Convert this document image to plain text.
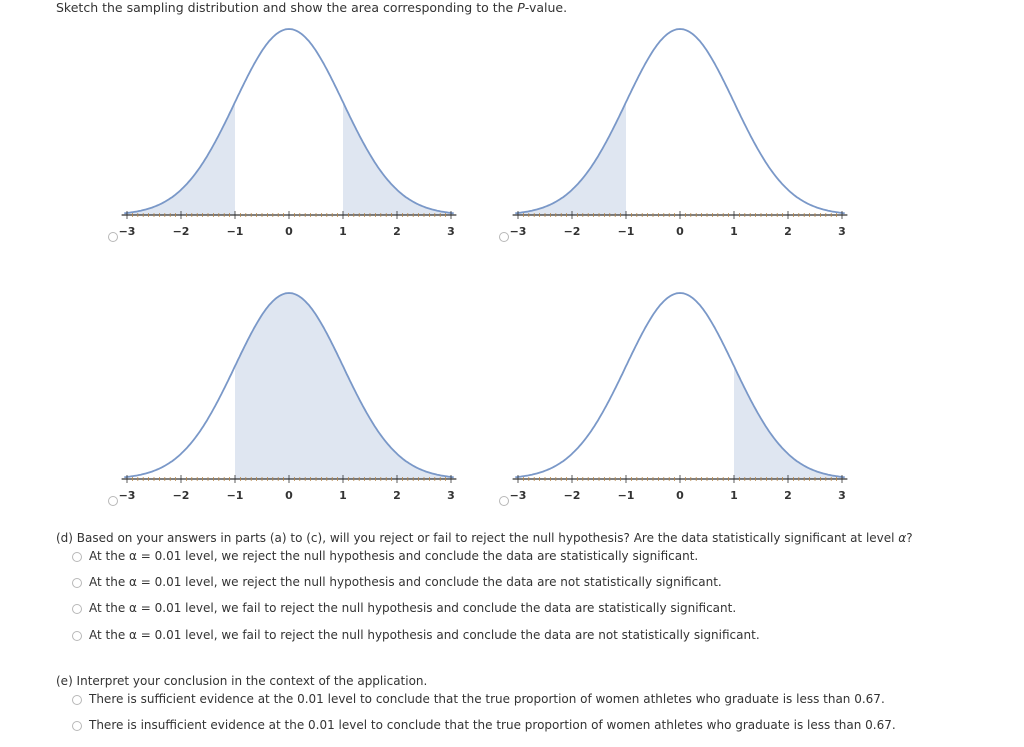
Sketch the sampling distribution and show the area corresponding to the P-value.
−3	−2	−1	0	1	2	3	−3	−2	−1	0	1	2	3
−3	−2	−1	0	1	2	3	−3	−2	−1	0	1	2	3
(d) Based on your answers in parts (a) to (c), will you reject or fail to reject the null hypothesis? Are the data statistically significant at level α?
At the α = 0.01 level, we reject the null hypothesis and conclude the data are statistically significant.
At the α = 0.01 level, we reject the null hypothesis and conclude the data are not statistically significant.
At the α = 0.01 level, we fail to reject the null hypothesis and conclude the data are statistically significant.
At the α = 0.01 level, we fail to reject the null hypothesis and conclude the data are not statistically significant.
(e) Interpret your conclusion in the context of the application.
There is sufficient evidence at the 0.01 level to conclude that the true proportion of women athletes who graduate is less than 0.67.
There is insufficient evidence at the 0.01 level to conclude that the true proportion of women athletes who graduate is less than 0.67.
